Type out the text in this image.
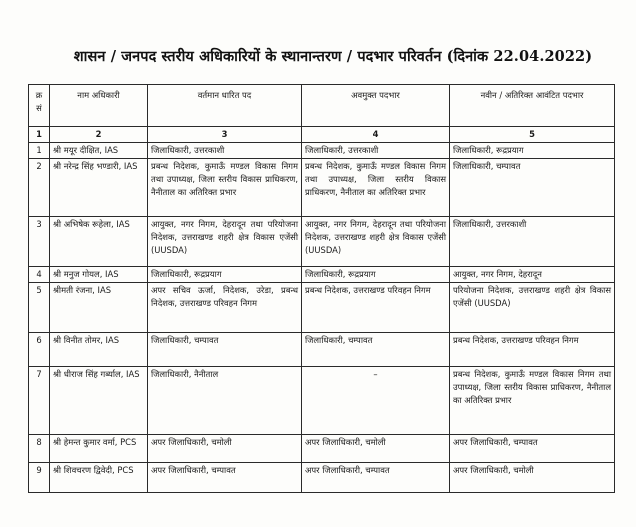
शासन / जनपद स्तरीय अधिकारियों के स्थानान्तरण / पदभार परिवर्तन (दिनांक 22.04.2022)
क्र सं	नाम अधिकारी	वर्तमान धारित पद	अवमुक्त पदभार	नवीन / अतिरिक्त आवंटित पदभार
1	2	3	4	5
1	श्री मयूर दीक्षित, IAS	जिलाधिकारी, उत्तरकाशी	जिलाधिकारी, उत्तरकाशी	जिलाधिकारी, रूद्रप्रयाग
2	श्री नरेन्द्र सिंह भण्डारी, IAS	प्रबन्ध निदेशक, कुमाऊँ मण्डल विकास निगम तथा उपाध्यक्ष, जिला स्तरीय विकास प्राधिकरण, नैनीताल का अतिरिक्त प्रभार	प्रबन्ध निदेशक, कुमाऊँ मण्डल विकास निगम तथा उपाध्यक्ष, जिला स्तरीय विकास प्राधिकरण, नैनीताल का अतिरिक्त प्रभार	जिलाधिकारी, चम्पावत
3	श्री अभिषेक रूहेला, IAS	आयुक्त, नगर निगम, देहरादून तथा परियोजना निदेशक, उत्तराखण्ड शहरी क्षेत्र विकास एजेंसी (UUSDA)	आयुक्त, नगर निगम, देहरादून तथा परियोजना निदेशक, उत्तराखण्ड शहरी क्षेत्र विकास एजेंसी (UUSDA)	जिलाधिकारी, उत्तरकाशी
4	श्री मनुज गोयल, IAS	जिलाधिकारी, रूद्रप्रयाग	जिलाधिकारी, रूद्रप्रयाग	आयुक्त, नगर निगम, देहरादून
5	श्रीमती रंजना, IAS	अपर सचिव ऊर्जा, निदेशक, उरेडा, प्रबन्ध निदेशक, उत्तराखण्ड परिवहन निगम	प्रबन्ध निदेशक, उत्तराखण्ड परिवहन निगम	परियोजना निदेशक, उत्तराखण्ड शहरी क्षेत्र विकास एजेंसी (UUSDA)
6	श्री विनीत तोमर, IAS	जिलाधिकारी, चम्पावत	जिलाधिकारी, चम्पावत	प्रबन्ध निदेशक, उत्तराखण्ड परिवहन निगम
7	श्री धीराज सिंह गर्ब्याल, IAS	जिलाधिकारी, नैनीताल	–	प्रबन्ध निदेशक, कुमाऊँ मण्डल विकास निगम तथा उपाध्यक्ष, जिला स्तरीय विकास प्राधिकरण, नैनीताल का अतिरिक्त प्रभार
8	श्री हेमन्त कुमार वर्मा, PCS	अपर जिलाधिकारी, चमोली	अपर जिलाधिकारी, चमोली	अपर जिलाधिकारी, चम्पावत
9	श्री शिवचरण द्विवेदी, PCS	अपर जिलाधिकारी, चम्पावत	अपर जिलाधिकारी, चम्पावत	अपर जिलाधिकारी, चमोली
